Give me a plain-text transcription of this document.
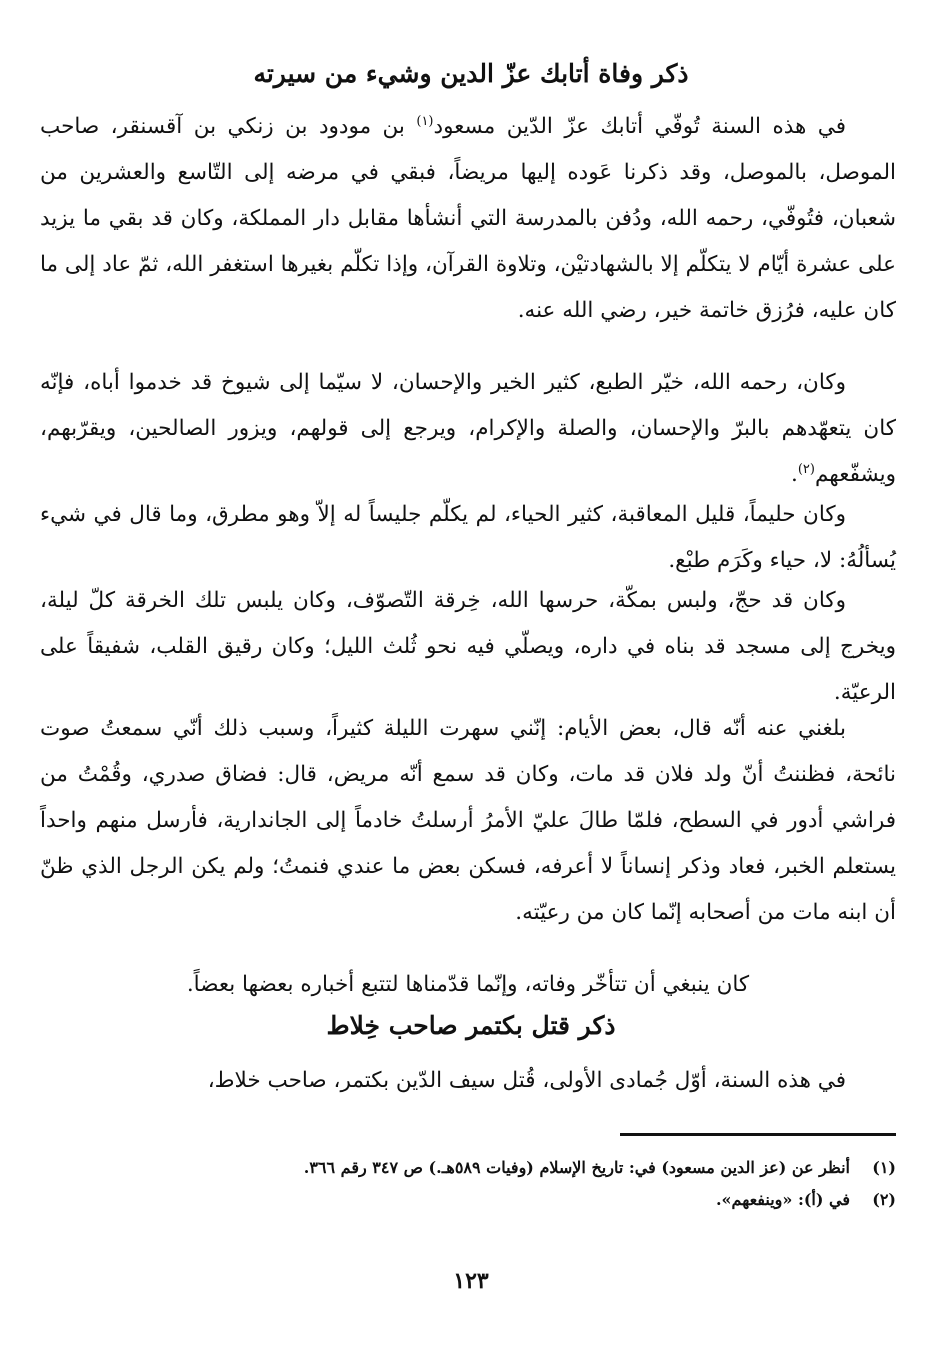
ذكر وفاة أتابك عزّ الدين وشيء من سيرته

في هذه السنة تُوفّي أتابك عزّ الدّين مسعود$^{(١)}$ بن مودود بن زنكي بن آقسنقر، صاحب الموصل، بالموصل، وقد ذكرنا عَوده إليها مريضاً، فبقي في مرضه إلى التّاسع والعشرين من شعبان، فتُوفّي، رحمه الله، ودُفن بالمدرسة التي أنشأها مقابل دار المملكة، وكان قد بقي ما يزيد على عشرة أيّام لا يتكلّم إلا بالشهادتيْن، وتلاوة القرآن، وإذا تكلّم بغيرها استغفر الله، ثمّ عاد إلى ما كان عليه، فرُزق خاتمة خير، رضي الله عنه.

وكان، رحمه الله، خيّر الطبع، كثير الخير والإحسان، لا سيّما إلى شيوخ قد خدموا أباه، فإنّه كان يتعهّدهم بالبرّ والإحسان، والصلة والإكرام، ويرجع إلى قولهم، ويزور الصالحين، ويقرّبهم، ويشفّعهم$^{(٢)}$.

وكان حليماً، قليل المعاقبة، كثير الحياء، لم يكلّم جليساً له إلاّ وهو مطرق، وما قال في شيء يُسألُهُ: لا، حياء وكَرَم طبْع.

وكان قد حجّ، ولبس بمكّة، حرسها الله، خِرقة التّصوّف، وكان يلبس تلك الخرقة كلّ ليلة، ويخرج إلى مسجد قد بناه في داره، ويصلّي فيه نحو ثُلث الليل؛ وكان رقيق القلب، شفيقاً على الرعيّة.

بلغني عنه أنّه قال، بعض الأيام: إنّني سهرت الليلة كثيراً، وسبب ذلك أنّي سمعتُ صوت نائحة، فظننتُ أنّ ولد فلان قد مات، وكان قد سمع أنّه مريض، قال: فضاق صدري، وقُمْتُ من فراشي أدور في السطح، فلمّا طالَ عليّ الأمرُ أرسلتُ خادماً إلى الجاندارية، فأرسل منهم واحداً يستعلم الخبر، فعاد وذكر إنساناً لا أعرفه، فسكن بعض ما عندي فنمتُ؛ ولم يكن الرجل الذي ظنّ أن ابنه مات من أصحابه إنّما كان من رعيّته.

كان ينبغي أن تتأخّر وفاته، وإنّما قدّمناها لتتبع أخباره بعضها بعضاً.

ذكر قتل بكتمر صاحب خِلاط

في هذه السنة، أوّل جُمادى الأولى، قُتل سيف الدّين بكتمر، صاحب خلاط،

(١)أنظر عن (عز الدين مسعود) في: تاريخ الإسلام (وفيات ٥٨٩هـ.) ص ٣٤٧ رقم ٣٦٦.
(٢)في (أ): «وينفعهم».
١٢٣
